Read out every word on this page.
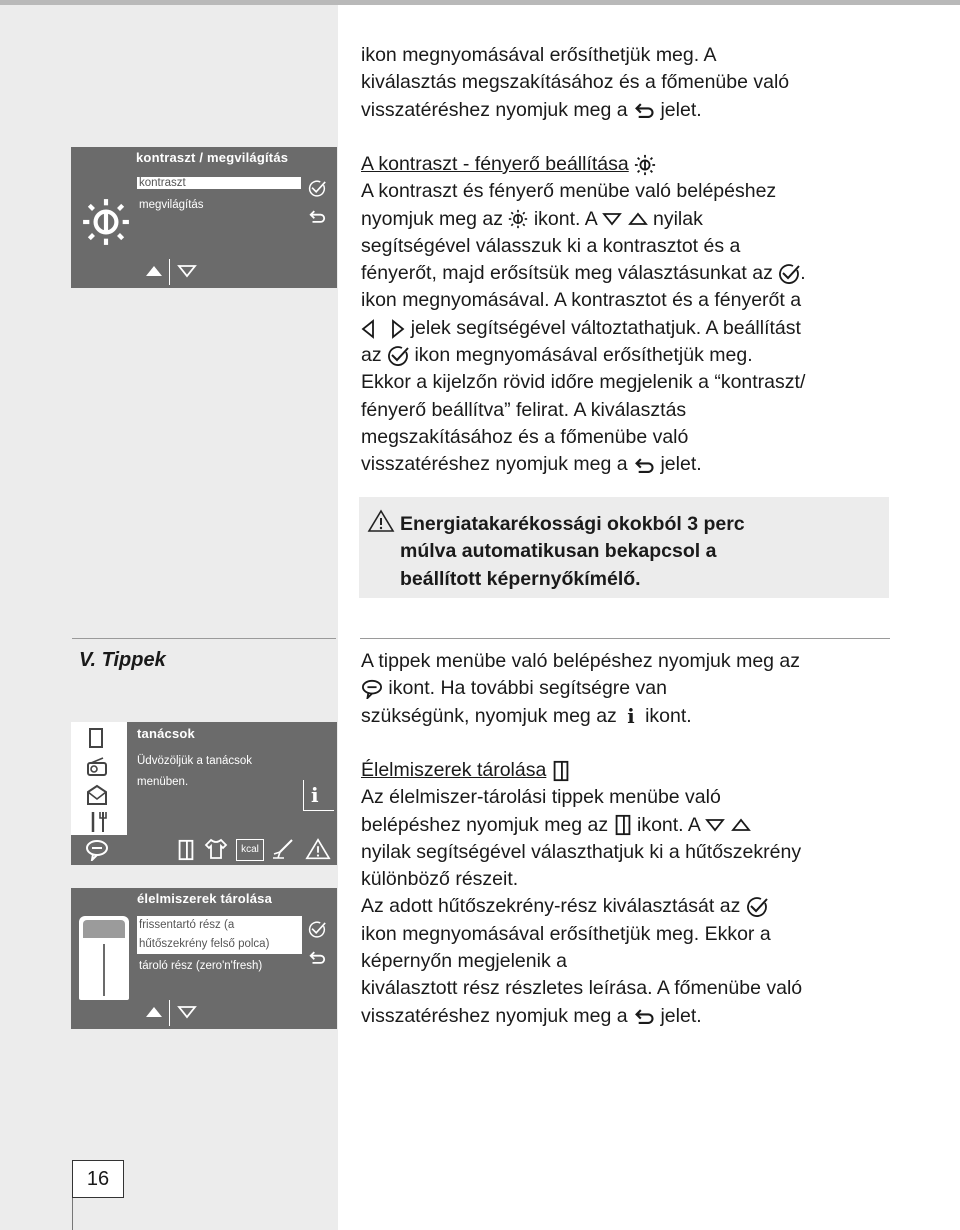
ikon megnyomásával erősíthetjük meg. A

kiválasztás megszakításához és a főmenübe való

visszatéréshez nyomjuk meg a jelet.

kontraszt / megvilágítás
kontraszt
megvilágítás

A kontraszt - fényerő beállítása

A kontraszt és fényerő menübe való belépéshez

nyomjuk meg az ikont. A	nyilak

segítségével válasszuk ki a kontrasztot és a

fényerőt, majd erősítsük meg választásunkat az .

ikon megnyomásával. A kontrasztot és a fényerőt a

jelek segítségével változtathatjuk. A beállítást

az ikon megnyomásával erősíthetjük meg.

Ekkor a kijelzőn rövid időre megjelenik a “kontraszt/

fényerő beállítva” felirat. A kiválasztás

megszakításához és a főmenübe való

visszatéréshez nyomjuk meg a jelet.

Energiatakarékossági okokból 3 perc

múlva automatikusan bekapcsol a

beállított képernyőkímélő.

V. Tippek	A tippek menübe való belépéshez nyomjuk meg az

ikont. Ha további segítségre van

szükségünk, nyomjuk meg az i ikont.

tanácsok
Üdvözöljük a tanácsok
menüben.
i
kcal
élelmiszerek tárolása
frissentartó rész (a
hűtőszekrény felső polca)
tároló rész (zero'n'fresh)

Élelmiszerek tárolása

Az élelmiszer-tárolási tippek menübe való

belépéshez nyomjuk meg az ikont. A

nyilak segítségével választhatjuk ki a hűtőszekrény

különböző részeit.

Az adott hűtőszekrény-rész kiválasztását az

ikon megnyomásával erősíthetjük meg. Ekkor a

képernyőn megjelenik a

kiválasztott rész részletes leírása. A főmenübe való

visszatéréshez nyomjuk meg a jelet.

16
